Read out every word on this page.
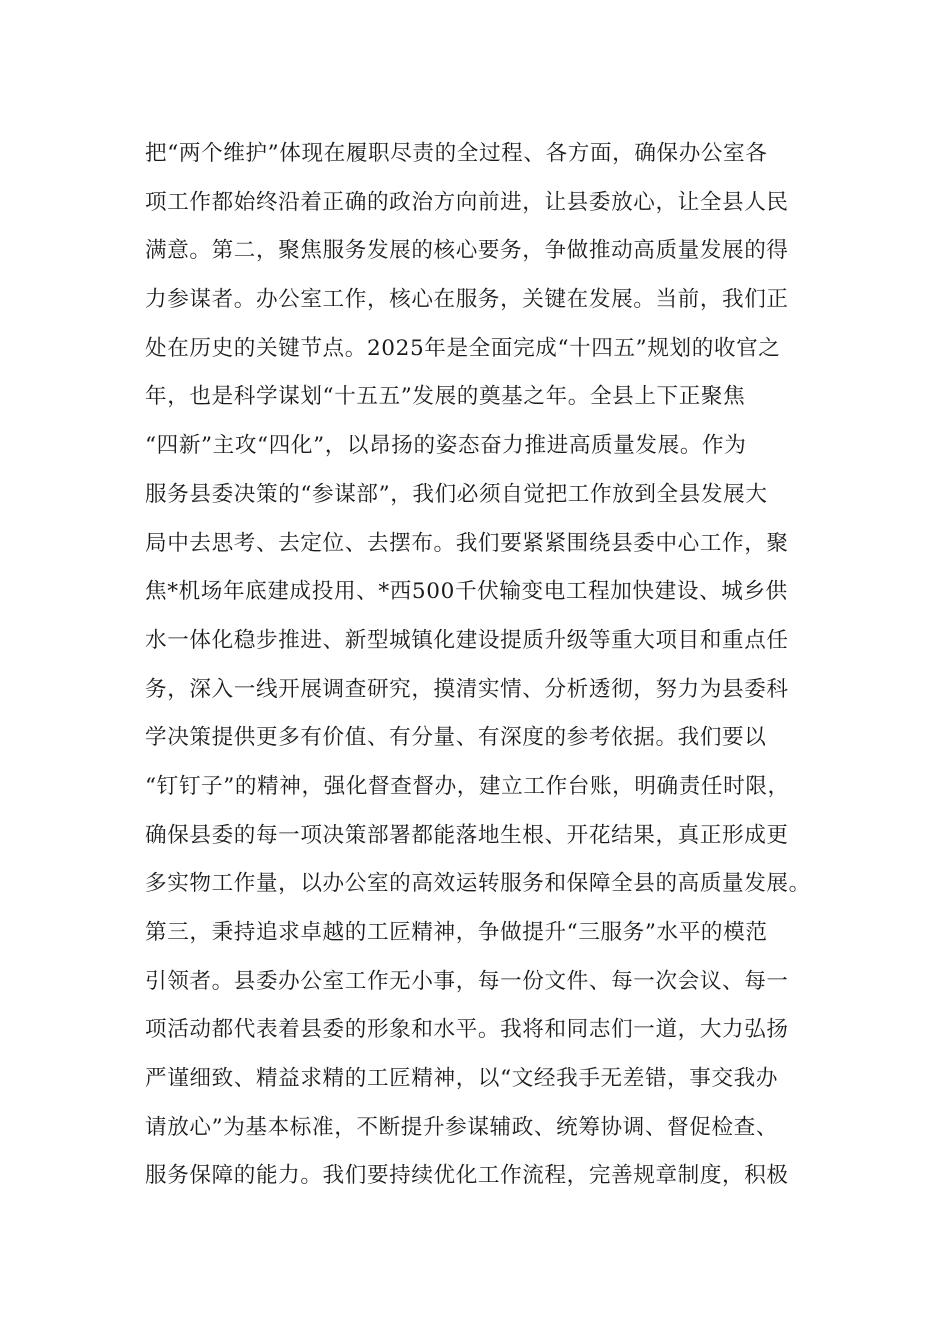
把“两个维护”体现在履职尽责的全过程、各方面，确保办公室各
项工作都始终沿着正确的政治方向前进，让县委放心，让全县人民
满意。第二，聚焦服务发展的核心要务，争做推动高质量发展的得
力参谋者。办公室工作，核心在服务，关键在发展。当前，我们正
处在历史的关键节点。2025年是全面完成“十四五”规划的收官之
年，也是科学谋划“十五五”发展的奠基之年。全县上下正聚焦
“四新”主攻“四化”，以昂扬的姿态奋力推进高质量发展。作为
服务县委决策的“参谋部”，我们必须自觉把工作放到全县发展大
局中去思考、去定位、去摆布。我们要紧紧围绕县委中心工作，聚
焦*机场年底建成投用、*西500千伏输变电工程加快建设、城乡供
水一体化稳步推进、新型城镇化建设提质升级等重大项目和重点任
务，深入一线开展调查研究，摸清实情、分析透彻，努力为县委科
学决策提供更多有价值、有分量、有深度的参考依据。我们要以
“钉钉子”的精神，强化督查督办，建立工作台账，明确责任时限，
确保县委的每一项决策部署都能落地生根、开花结果，真正形成更
多实物工作量，以办公室的高效运转服务和保障全县的高质量发展。
第三，秉持追求卓越的工匠精神，争做提升“三服务”水平的模范
引领者。县委办公室工作无小事，每一份文件、每一次会议、每一
项活动都代表着县委的形象和水平。我将和同志们一道，大力弘扬
严谨细致、精益求精的工匠精神，以“文经我手无差错，事交我办
请放心”为基本标准，不断提升参谋辅政、统筹协调、督促检查、
服务保障的能力。我们要持续优化工作流程，完善规章制度，积极
